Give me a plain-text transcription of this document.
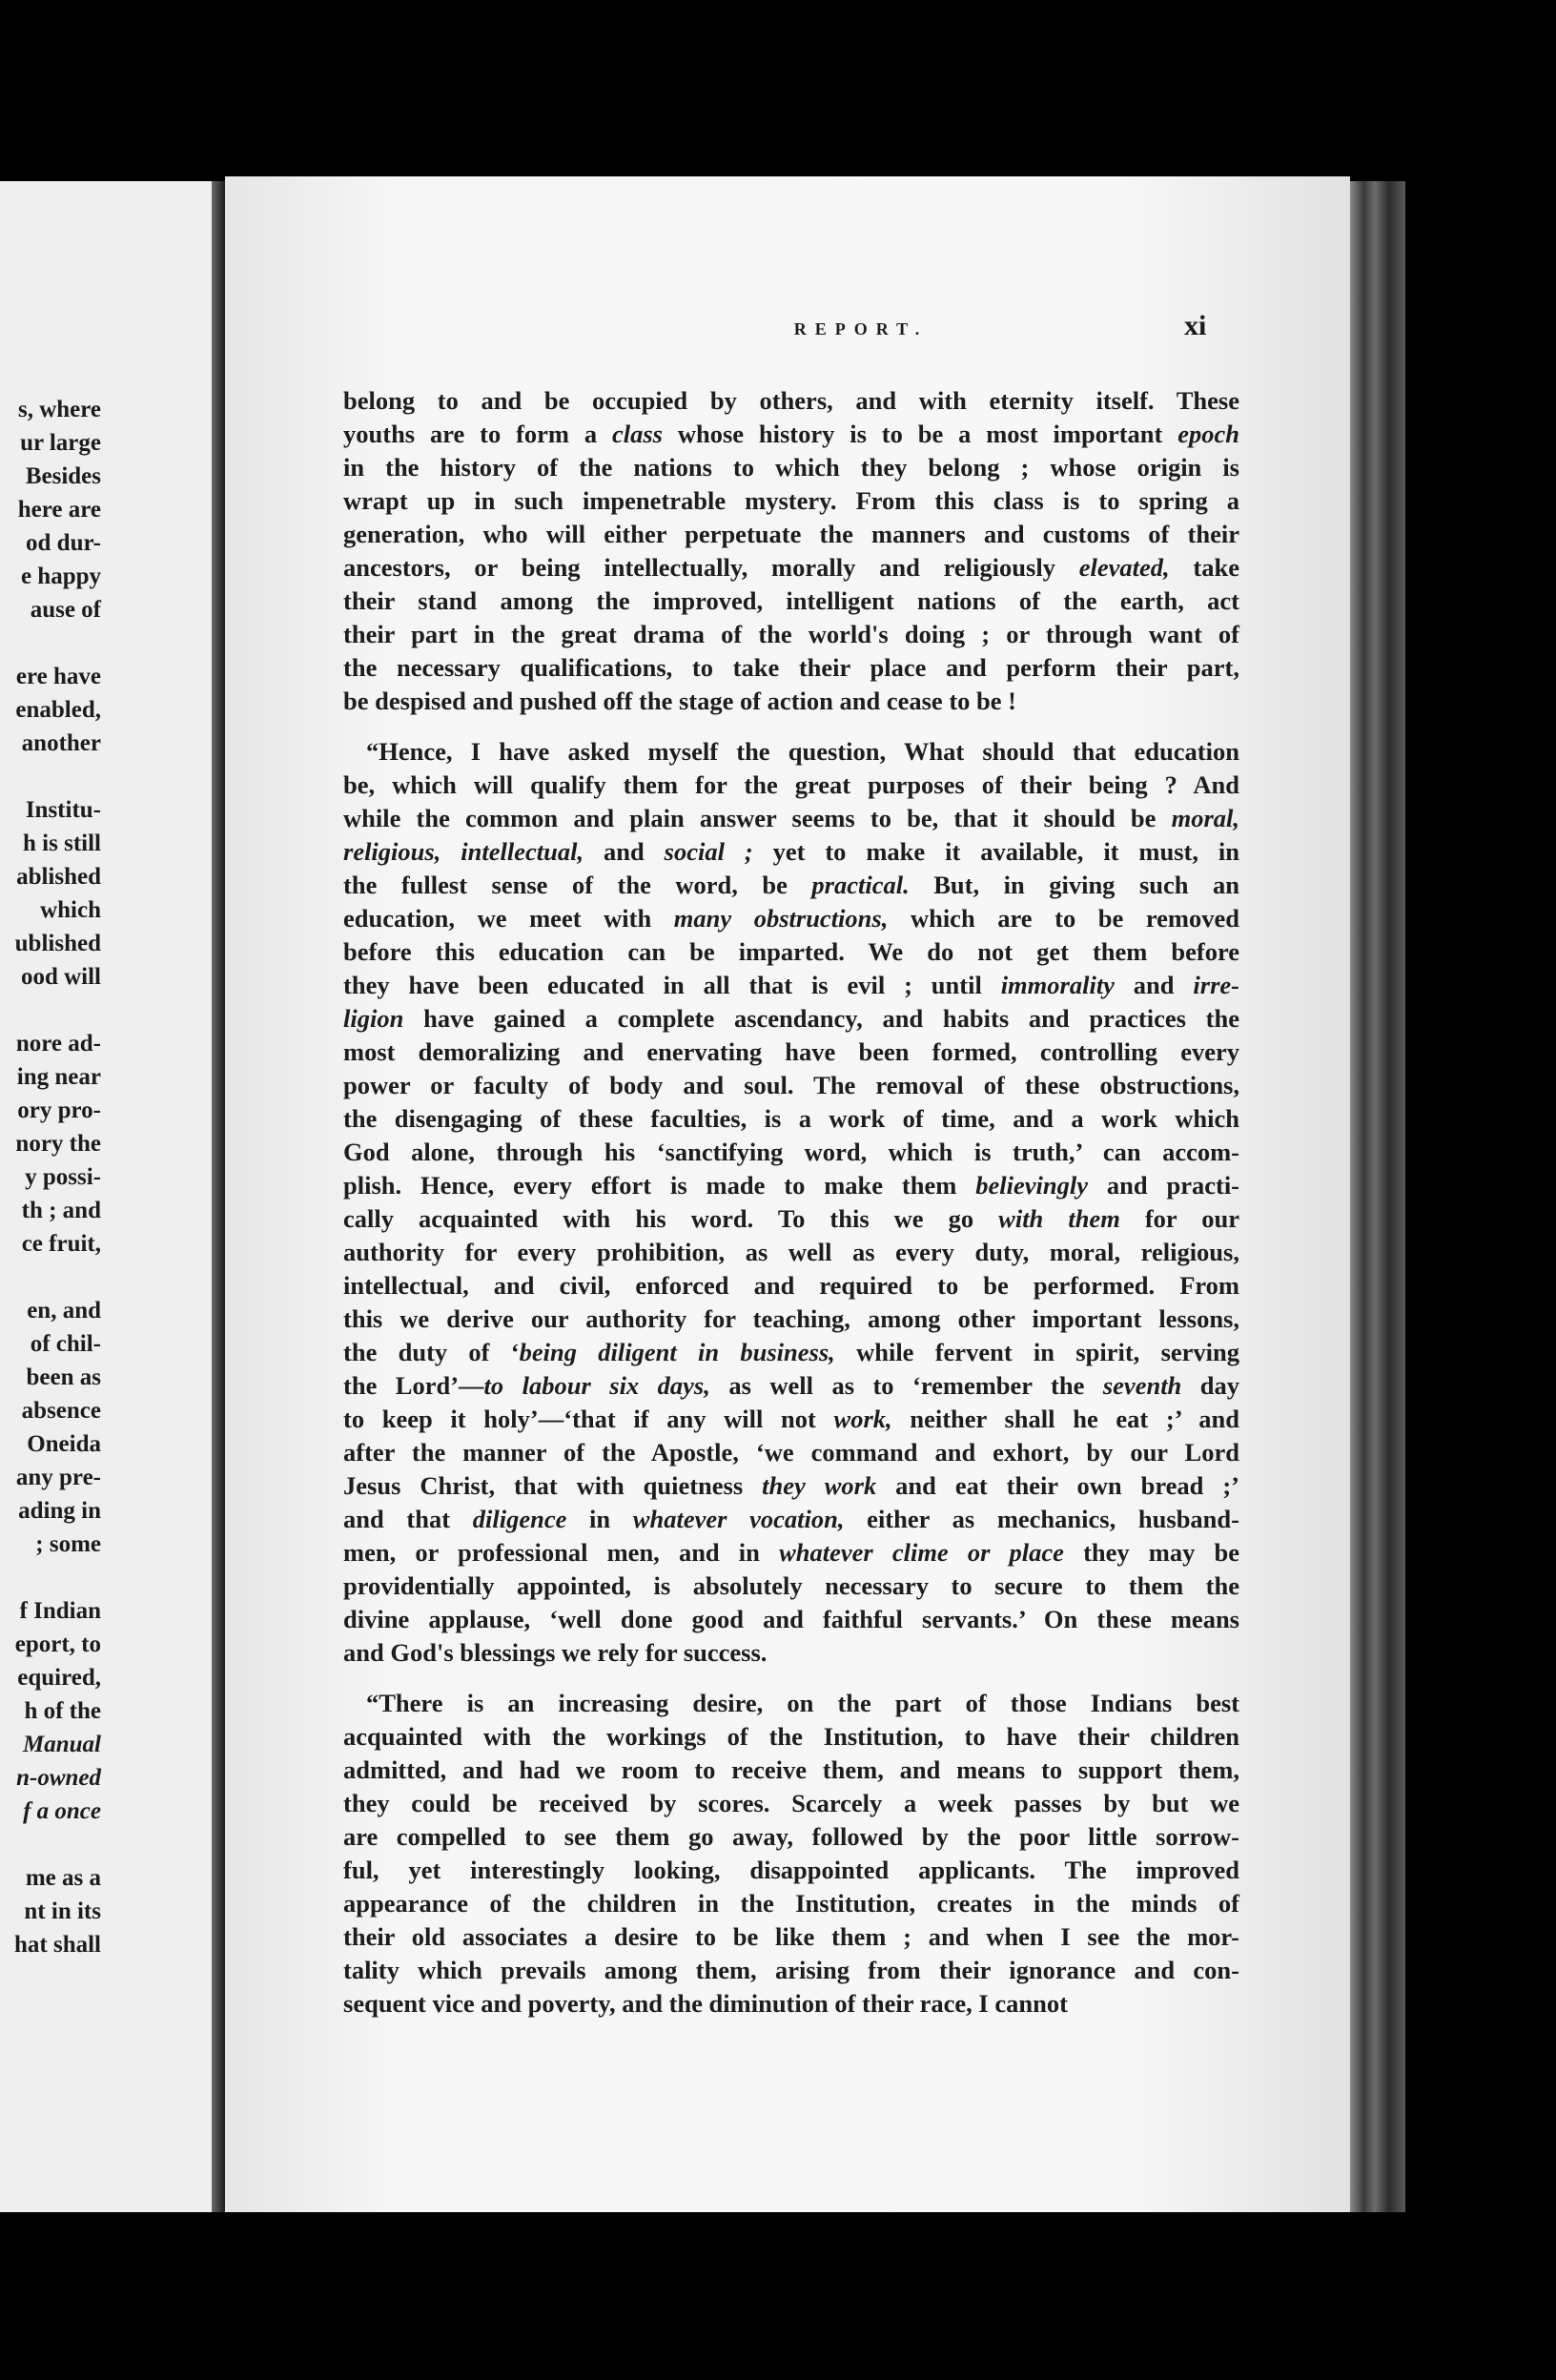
s, where
ur large
Besides
here are
od dur-
e happy
ause of
ere have
enabled,
another
Institu-
h is still
ablished
which
ublished
ood will
nore ad-
ing near
ory pro-
nory the
y possi-
th ; and
ce fruit,
en, and
of chil-
been as
absence
Oneida
any pre-
ading in
; some
f Indian
eport, to
equired,
h of the
Manual
n-owned
f a once
me as a
nt in its
hat shall
REPORT.	xi
belong to and be occupied by others, and with eternity itself. These
youths are to form a class whose history is to be a most important epoch
in the history of the nations to which they belong ; whose origin is
wrapt up in such impenetrable mystery. From this class is to spring a
generation, who will either perpetuate the manners and customs of their
ancestors, or being intellectually, morally and religiously elevated, take
their stand among the improved, intelligent nations of the earth, act
their part in the great drama of the world's doing ; or through want of
the necessary qualifications, to take their place and perform their part,
be despised and pushed off the stage of action and cease to be !
“Hence, I have asked myself the question, What should that education
be, which will qualify them for the great purposes of their being ? And
while the common and plain answer seems to be, that it should be moral,
religious, intellectual, and social ; yet to make it available, it must, in
the fullest sense of the word, be practical. But, in giving such an
education, we meet with many obstructions, which are to be removed
before this education can be imparted. We do not get them before
they have been educated in all that is evil ; until immorality and irre-
ligion have gained a complete ascendancy, and habits and practices the
most demoralizing and enervating have been formed, controlling every
power or faculty of body and soul. The removal of these obstructions,
the disengaging of these faculties, is a work of time, and a work which
God alone, through his ‘sanctifying word, which is truth,’ can accom-
plish. Hence, every effort is made to make them believingly and practi-
cally acquainted with his word. To this we go with them for our
authority for every prohibition, as well as every duty, moral, religious,
intellectual, and civil, enforced and required to be performed. From
this we derive our authority for teaching, among other important lessons,
the duty of ‘being diligent in business, while fervent in spirit, serving
the Lord’—to labour six days, as well as to ‘remember the seventh day
to keep it holy’—‘that if any will not work, neither shall he eat ;’ and
after the manner of the Apostle, ‘we command and exhort, by our Lord
Jesus Christ, that with quietness they work and eat their own bread ;’
and that diligence in whatever vocation, either as mechanics, husband-
men, or professional men, and in whatever clime or place they may be
providentially appointed, is absolutely necessary to secure to them the
divine applause, ‘well done good and faithful servants.’ On these means
and God's blessings we rely for success.
“There is an increasing desire, on the part of those Indians best
acquainted with the workings of the Institution, to have their children
admitted, and had we room to receive them, and means to support them,
they could be received by scores. Scarcely a week passes by but we
are compelled to see them go away, followed by the poor little sorrow-
ful, yet interestingly looking, disappointed applicants. The improved
appearance of the children in the Institution, creates in the minds of
their old associates a desire to be like them ; and when I see the mor-
tality which prevails among them, arising from their ignorance and con-
sequent vice and poverty, and the diminution of their race, I cannot
